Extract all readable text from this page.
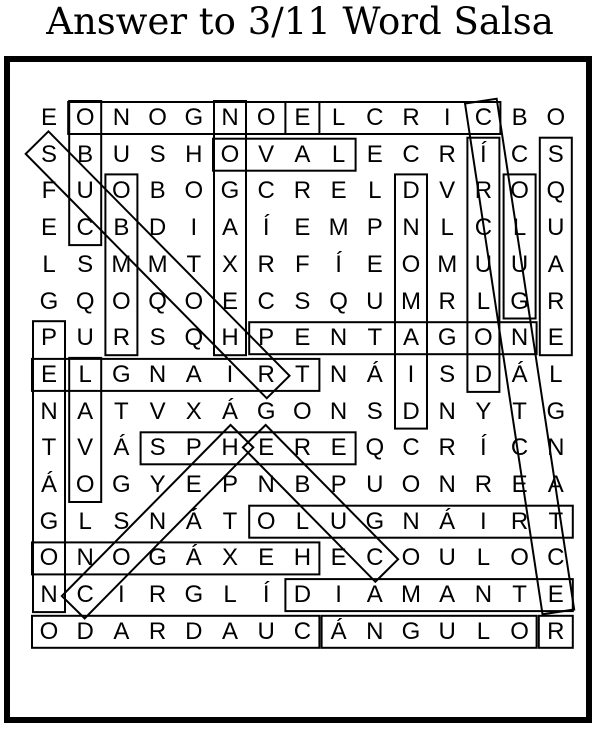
Answer to 3/11 Word Salsa
E O N O G N O E L C R	I	C B O
S B U S H O V A L E C R	Í	C S
F U O B O G C R E L D V R O Q
E C B D	I	A	Í	E M P N L C L U
L S M M T X R F	Í	E O M U U A
G Q O Q O E C S Q U M R L G R
P U R S Q H P E N T A G O N E
E L G N A	I	R T N Á	I	S D Á L
N A T V X Á G O N S D N Y T G
T V Á S P H E R E Q C R	Í	C N
Á O G Y E P N B P U O N R E A
G L S N Á T O L U G N Á	I	R T
O N O G Á X E H E C O U L O C
N C	I	R G L	Í	D	I	A M A N T E
O D A R D A U C Á N G U L O R
